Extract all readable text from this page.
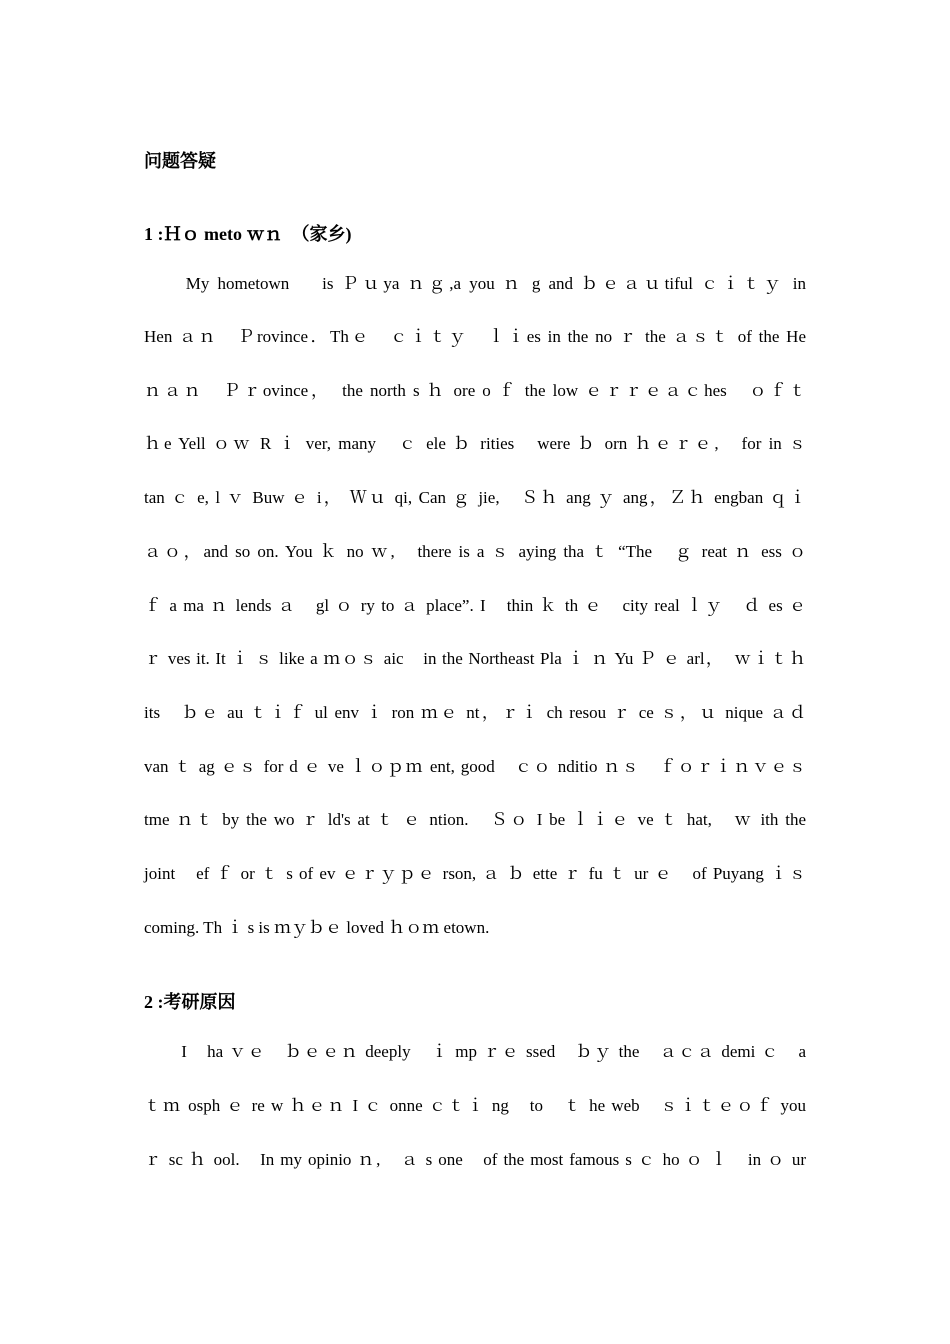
问题答疑
1 :Ｈｏ meto ｗｎ　（家乡)
　　My hometown　 is Ｐｕya ｎｇ,a you ｎ g and ｂｅａｕtiful ｃｉｔｙ in
Hen ａｎ　Ｐrovince．Thｅ　ｃｉｔｙ　ｌｉes in the no ｒ the ａｓｔ of the He
ｎａｎ　Ｐｒovince，　the north s ｈ ore o ｆ the low ｅｒｒｅａｃhes　ｏｆｔ
ｈe Yell ｏｗ R ｉ ver, many　ｃ ele ｂ rities　were ｂ orn ｈｅｒｅ,　for in ｓ
tan ｃ e, l ｖ Buw ｅ i， Ｗｕ qi, Can ｇ jie,　Ｓｈ ang ｙ ang，Ｚｈ engban ｑｉ
ａｏ，and so on. You ｋ no ｗ,　there is a ｓ aying tha ｔ “The　ｇ reat ｎ ess ｏ
ｆ a ma ｎ lends ａ　gl ｏ ry to ａ place”. I　thin ｋ th ｅ　city real ｌｙ　ｄ es ｅ
ｒ ves it. It ｉ ｓ like a ｍｏｓ aic　in the Northeast Pla ｉ ｎ Yu Ｐ ｅ arl，　ｗｉｔｈ
its　ｂｅ au ｔｉｆ ul env ｉ ron ｍｅ nt，ｒｉ ch resou ｒ ce ｓ，ｕ nique ａｄ
van ｔ ag ｅｓ for d ｅ ve ｌｏｐｍ ent, good　ｃｏ nditio ｎｓ　ｆｏｒｉｎｖｅｓ
tme ｎｔ by the wo ｒ ld's at ｔ ｅ ntion.　Ｓｏ I be ｌｉｅ ve ｔ hat,　ｗ ith the
joint　ef ｆ or ｔ s of ev ｅｒｙｐｅ rson, ａ ｂ ette ｒ fu ｔ ur ｅ　of Puyang ｉｓ
coming. Th ｉ s is ｍｙｂｅ loved ｈｏｍ etown.
2 :考研原因
　　I　ha ｖｅ　ｂｅｅｎ deeply　ｉ mp ｒｅ ssed　ｂｙ the　ａｃａ demi ｃ　a
ｔｍ osph ｅ re w ｈｅｎ I ｃ onne ｃｔｉ ng　to　ｔ he web　ｓｉｔｅｏｆ you
ｒ sc ｈ ool.　In my opinio ｎ,　ａ s one　of the most famous s ｃ ho ｏ ｌ　in ｏ ur
